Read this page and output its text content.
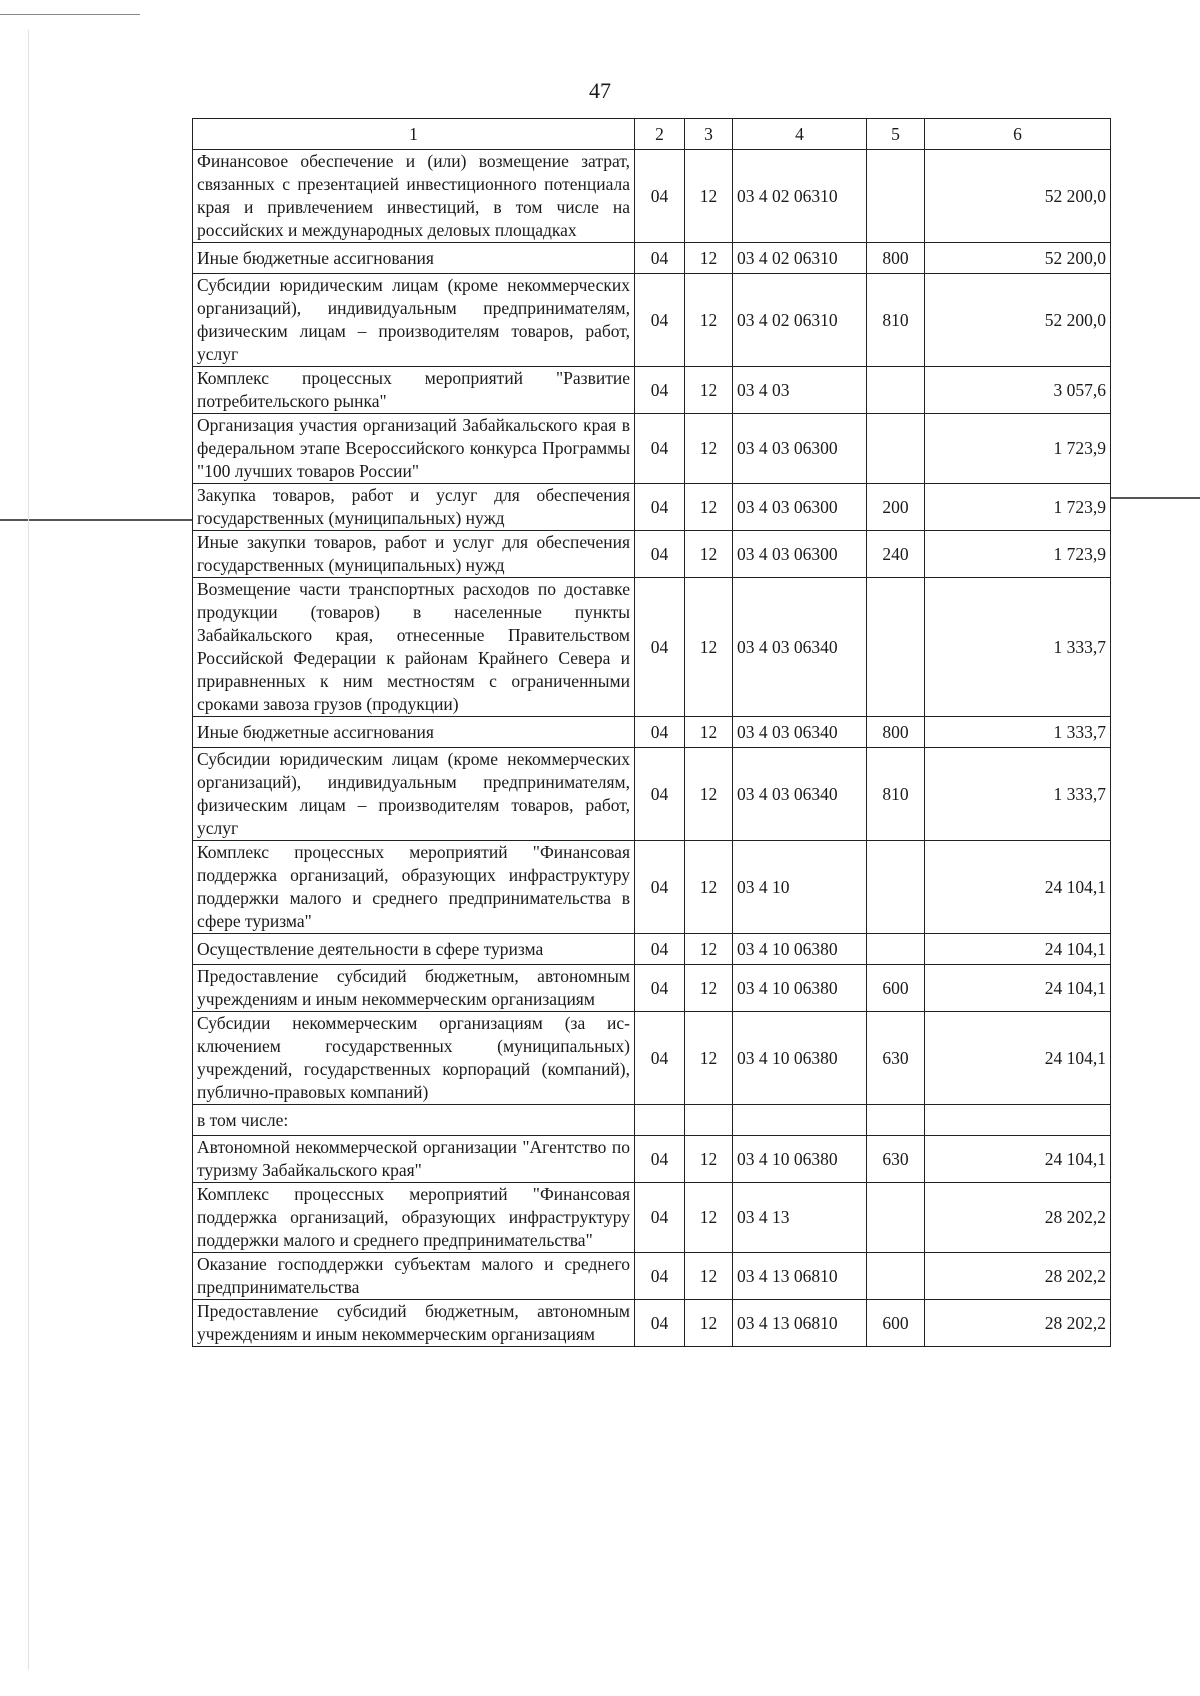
47
1	2	3	4	5	6
Финансовое обеспечение и (или) возмещение затрат, связанных с презентацией инвестиционного потенциала края и привлечением инвестиций, в том числе на российских и международных деловых площадках	04	12	03 4 02 06310		52 200,0
Иные бюджетные ассигнования	04	12	03 4 02 06310	800	52 200,0
Субсидии юридическим лицам (кроме некоммерческих организаций), индивидуальным предпринимателям, физическим лицам – производителям товаров, работ, услуг	04	12	03 4 02 06310	810	52 200,0
Комплекс процессных мероприятий "Развитие потребительского рынка"	04	12	03 4 03		3 057,6
Организация участия организаций Забайкальского края в федеральном этапе Всероссийского конкурса Программы "100 лучших товаров России"	04	12	03 4 03 06300		1 723,9
Закупка товаров, работ и услуг для обеспечения государственных (муниципальных) нужд	04	12	03 4 03 06300	200	1 723,9
Иные закупки товаров, работ и услуг для обеспечения государственных (муниципальных) нужд	04	12	03 4 03 06300	240	1 723,9
Возмещение части транспортных расходов по доставке продукции (товаров) в населенные пункты Забайкальского края, отнесенные Правительством Российской Федерации к районам Крайнего Севера и приравненных к ним местностям с ограниченными сроками завоза грузов (продукции)	04	12	03 4 03 06340		1 333,7
Иные бюджетные ассигнования	04	12	03 4 03 06340	800	1 333,7
Субсидии юридическим лицам (кроме некоммерческих организаций), индивидуальным предпринимателям, физическим лицам – производителям товаров, работ, услуг	04	12	03 4 03 06340	810	1 333,7
Комплекс процессных мероприятий "Финансовая поддержка организаций, образующих инфраструктуру поддержки малого и среднего предпринимательства в сфере туризма"	04	12	03 4 10		24 104,1
Осуществление деятельности в сфере туризма	04	12	03 4 10 06380		24 104,1
Предоставление субсидий бюджетным, автономным учреждениям и иным некоммерческим организациям	04	12	03 4 10 06380	600	24 104,1
Субсидии некоммерческим организациям (за исключением государственных (муниципальных) учреждений, государственных корпораций (компаний), публично-правовых компаний)	04	12	03 4 10 06380	630	24 104,1
в том числе:					
Автономной некоммерческой организации "Агентство по туризму Забайкальского края"	04	12	03 4 10 06380	630	24 104,1
Комплекс процессных мероприятий "Финансовая поддержка организаций, образующих инфраструктуру поддержки малого и среднего предпринимательства"	04	12	03 4 13		28 202,2
Оказание господдержки субъектам малого и среднего предпринимательства	04	12	03 4 13 06810		28 202,2
Предоставление субсидий бюджетным, автономным учреждениям и иным некоммерческим организациям	04	12	03 4 13 06810	600	28 202,2
